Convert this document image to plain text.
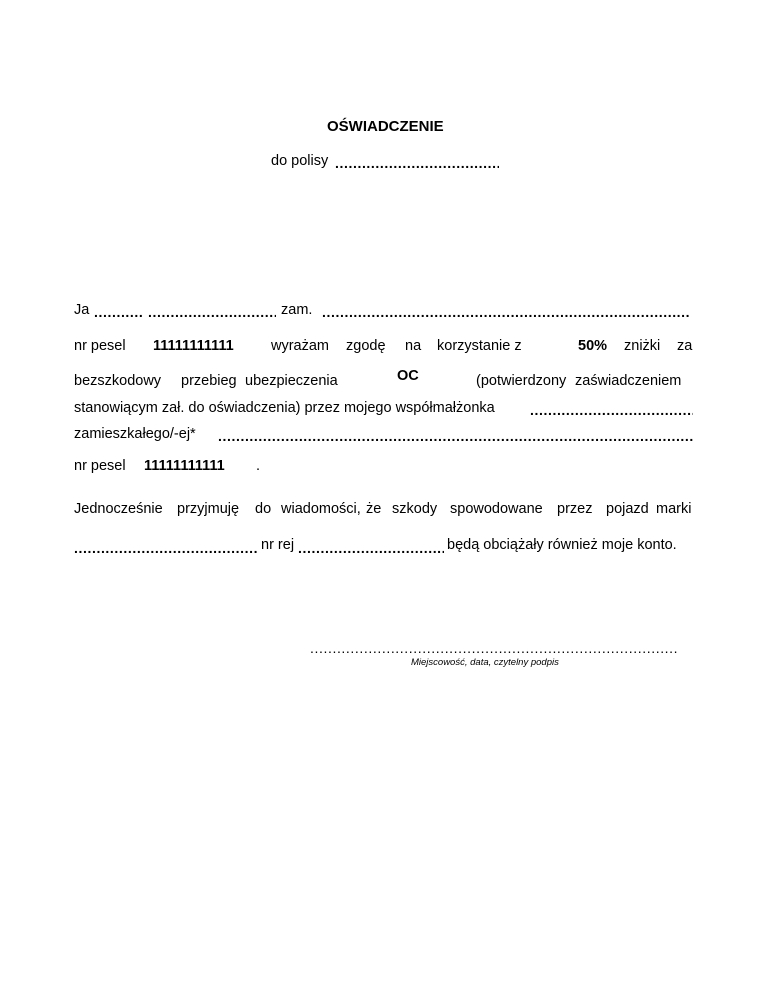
OŚWIADCZENIE
do polisy
.....
Ja ..... .....	zam.
.....
nr pesel 11111111111	wyrażam zgodę na korzystanie z	50% zniżki za
bezszkodowy przebieg ubezpieczenia	OC	(potwierdzony zaświadczeniem
stanowiącym zał. do oświadczenia) przez mojego współmałżonka
.....
zamieszkałego/-ej*
.....
nr pesel 11111111111 .
Jednocześnie przyjmuję do wiadomości, że szkody spowodowane przez pojazd marki
.....
nr rej .....	będą obciążały również moje konto.
.....
Miejscowość, data, czytelny podpis
